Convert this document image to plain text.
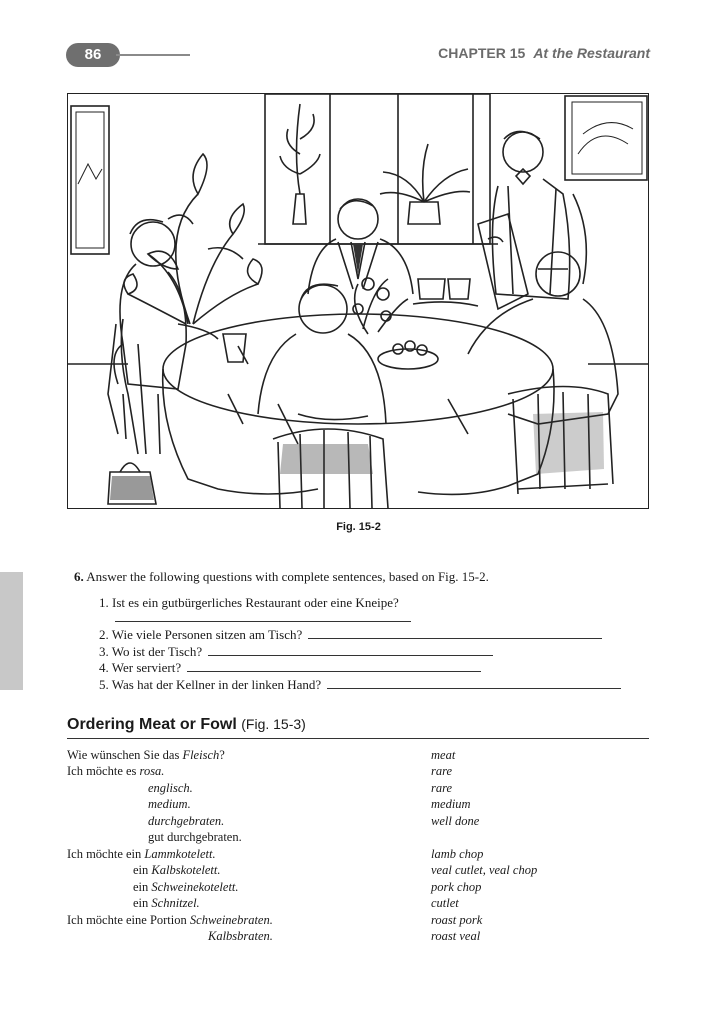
86	CHAPTER 15 At the Restaurant
Fig. 15-2
6. Answer the following questions with complete sentences, based on Fig. 15-2.
1. Ist es ein gutbürgerliches Restaurant oder eine Kneipe?
2. Wie viele Personen sitzen am Tisch?
3. Wo ist der Tisch?
4. Wer serviert?
5. Was hat der Kellner in der linken Hand?
Ordering Meat or Fowl (Fig. 15-3)
Wie wünschen Sie das Fleisch?	meat
Ich möchte es rosa.	rare
englisch.	rare
medium.	medium
durchgebraten.	well done
gut durchgebraten.
Ich möchte ein Lammkotelett.	lamb chop
ein Kalbskotelett.	veal cutlet, veal chop
ein Schweinekotelett.	pork chop
ein Schnitzel.	cutlet
Ich möchte eine Portion Schweinebraten.	roast pork
Kalbsbraten.	roast veal
